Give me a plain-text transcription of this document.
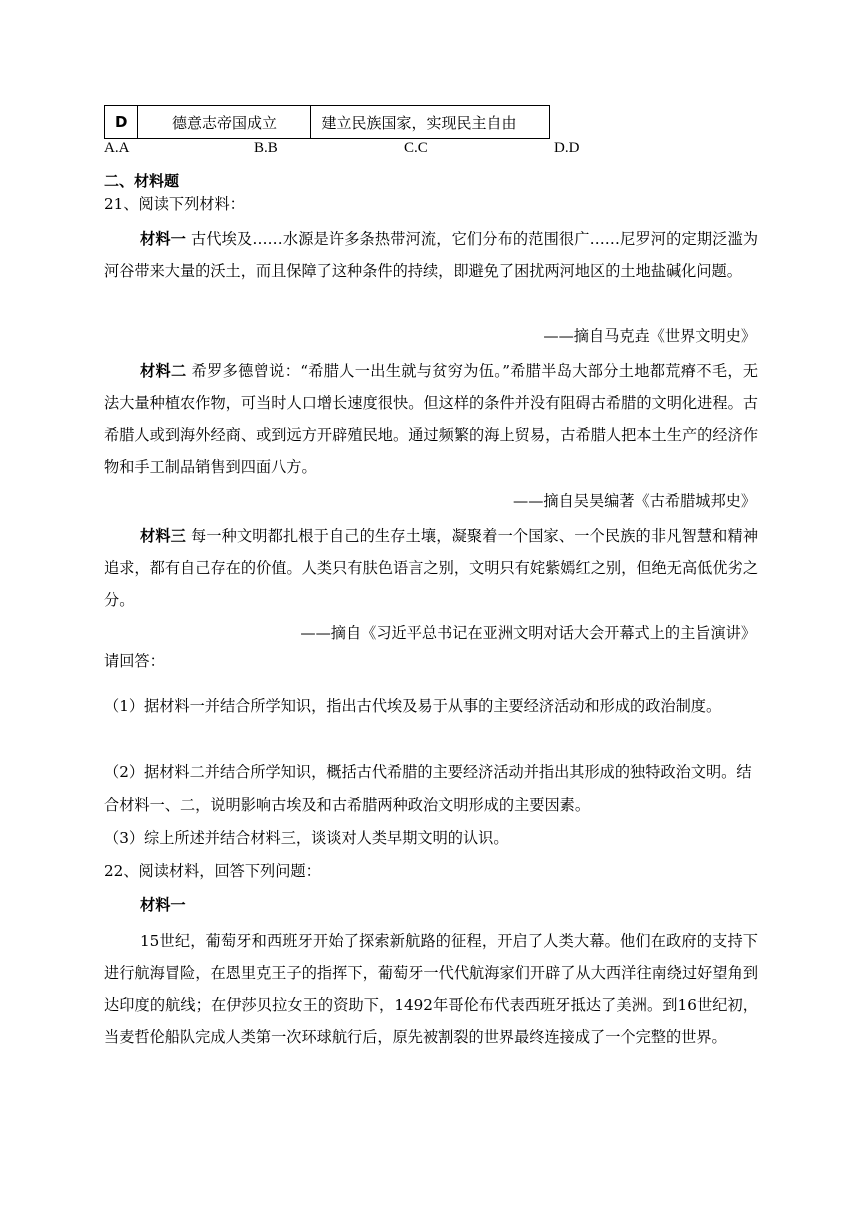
D	德意志帝国成立	建立民族国家，实现民主自由
A.A	B.B	C.C	D.D
二、材料题
21、阅读下列材料：
材料一 古代埃及……水源是许多条热带河流，它们分布的范围很广……尼罗河的定期泛滥为河谷带来大量的沃土，而且保障了这种条件的持续，即避免了困扰两河地区的土地盐碱化问题。
——摘自马克垚《世界文明史》
材料二 希罗多德曾说：“希腊人一出生就与贫穷为伍。”希腊半岛大部分土地都荒瘠不毛，无法大量种植农作物，可当时人口增长速度很快。但这样的条件并没有阻碍古希腊的文明化进程。古希腊人或到海外经商、或到远方开辟殖民地。通过频繁的海上贸易，古希腊人把本土生产的经济作物和手工制品销售到四面八方。
——摘自吴昊编著《古希腊城邦史》
材料三 每一种文明都扎根于自己的生存土壤，凝聚着一个国家、一个民族的非凡智慧和精神追求，都有自己存在的价值。人类只有肤色语言之别，文明只有姹紫嫣红之别，但绝无高低优劣之分。
——摘自《习近平总书记在亚洲文明对话大会开幕式上的主旨演讲》
请回答：
（1）据材料一并结合所学知识，指出古代埃及易于从事的主要经济活动和形成的政治制度。
（2）据材料二并结合所学知识，概括古代希腊的主要经济活动并指出其形成的独特政治文明。结合材料一、二，说明影响古埃及和古希腊两种政治文明形成的主要因素。
（3）综上所述并结合材料三，谈谈对人类早期文明的认识。
22、阅读材料，回答下列问题：
材料一
15世纪，葡萄牙和西班牙开始了探索新航路的征程，开启了人类大幕。他们在政府的支持下进行航海冒险，在恩里克王子的指挥下，葡萄牙一代代航海家们开辟了从大西洋往南绕过好望角到达印度的航线；在伊莎贝拉女王的资助下，1492年哥伦布代表西班牙抵达了美洲。到16世纪初，当麦哲伦船队完成人类第一次环球航行后，原先被割裂的世界最终连接成了一个完整的世界。
